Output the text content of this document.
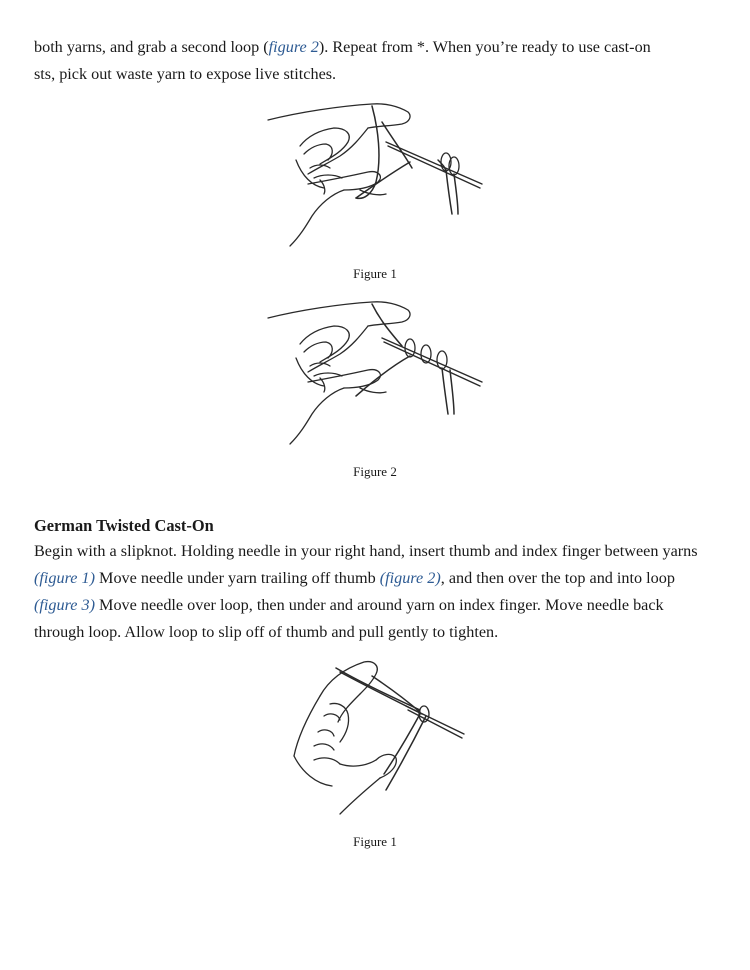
both yarns, and grab a second loop (figure 2). Repeat from *. When you’re ready to use cast-on
sts, pick out waste yarn to expose live stitches.

Figure 1
Figure 2
German Twisted Cast-On

Begin with a slipknot. Holding needle in your right hand, insert thumb and index finger between yarns (figure 1) Move needle under yarn trailing off thumb (figure 2), and then over the top and into loop (figure 3) Move needle over loop, then under and around yarn on index finger. Move needle back through loop. Allow loop to slip off of thumb and pull gently to tighten.

Figure 1
